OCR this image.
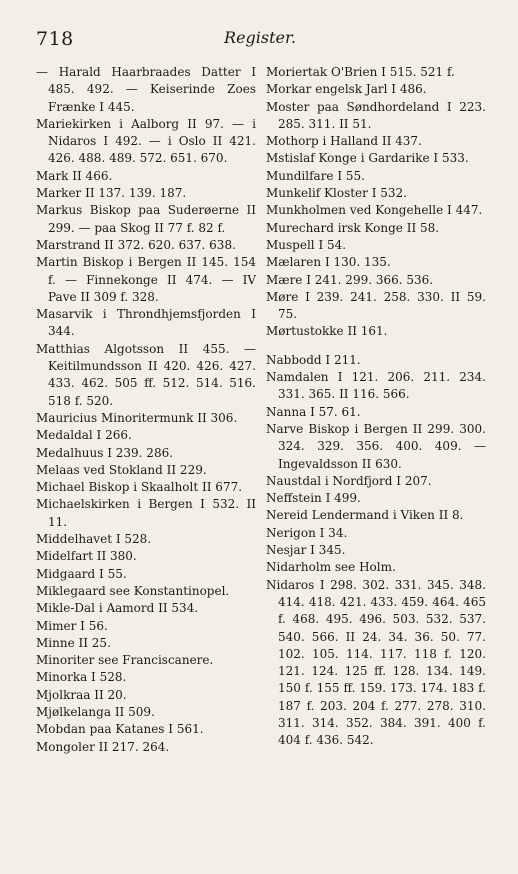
718	Register.

— Harald Haarbraades Datter I 485. 492. — Keiserinde Zoes Frænke I 445.

Mariekirken i Aalborg II 97. — i Nidaros I 492. — i Oslo II 421. 426. 488. 489. 572. 651. 670.

Mark II 466.

Marker II 137. 139. 187.

Markus Biskop paa Suderøerne II 299. — paa Skog II 77 f. 82 f.

Marstrand II 372. 620. 637. 638.

Martin Biskop i Bergen II 145. 154 f. — Finnekonge II 474. — IV Pave II 309 f. 328.

Masarvik i Throndhjemsfjorden I 344.

Matthias Algotsson II 455. — Keitilmundsson II 420. 426. 427. 433. 462. 505 ff. 512. 514. 516. 518 f. 520.

Mauricius Minoritermunk II 306.

Medaldal I 266.

Medalhuus I 239. 286.

Melaas ved Stokland II 229.

Michael Biskop i Skaalholt II 677.

Michaelskirken i Bergen I 532. II 11.

Middelhavet I 528.

Midelfart II 380.

Midgaard I 55.

Miklegaard see Konstantinopel.

Mikle-Dal i Aamord II 534.

Mimer I 56.

Minne II 25.

Minoriter see Franciscanere.

Minorka I 528.

Mjolkraa II 20.

Mjølkelanga II 509.

Mobdan paa Katanes I 561.

Mongoler II 217. 264.

Moriertak O'Brien I 515. 521 f.

Morkar engelsk Jarl I 486.

Moster paa Søndhordeland I 223. 285. 311. II 51.

Mothorp i Halland II 437.

Mstislaf Konge i Gardarike I 533.

Mundilfare I 55.

Munkelif Kloster I 532.

Munkholmen ved Kongehelle I 447.

Murechard irsk Konge II 58.

Muspell I 54.

Mælaren I 130. 135.

Mære I 241. 299. 366. 536.

Møre I 239. 241. 258. 330. II 59. 75.

Mørtustokke II 161.

Nabbodd I 211.

Namdalen I 121. 206. 211. 234. 331. 365. II 116. 566.

Nanna I 57. 61.

Narve Biskop i Bergen II 299. 300. 324. 329. 356. 400. 409. — Ingevaldsson II 630.

Naustdal i Nordfjord I 207.

Neffstein I 499.

Nereid Lendermand i Viken II 8.

Nerigon I 34.

Nesjar I 345.

Nidarholm see Holm.

Nidaros I 298. 302. 331. 345. 348. 414. 418. 421. 433. 459. 464. 465 f. 468. 495. 496. 503. 532. 537. 540. 566. II 24. 34. 36. 50. 77. 102. 105. 114. 117. 118 f. 120. 121. 124. 125 ff. 128. 134. 149. 150 f. 155 ff. 159. 173. 174. 183 f. 187 f. 203. 204 f. 277. 278. 310. 311. 314. 352. 384. 391. 400 f. 404 f. 436. 542.
